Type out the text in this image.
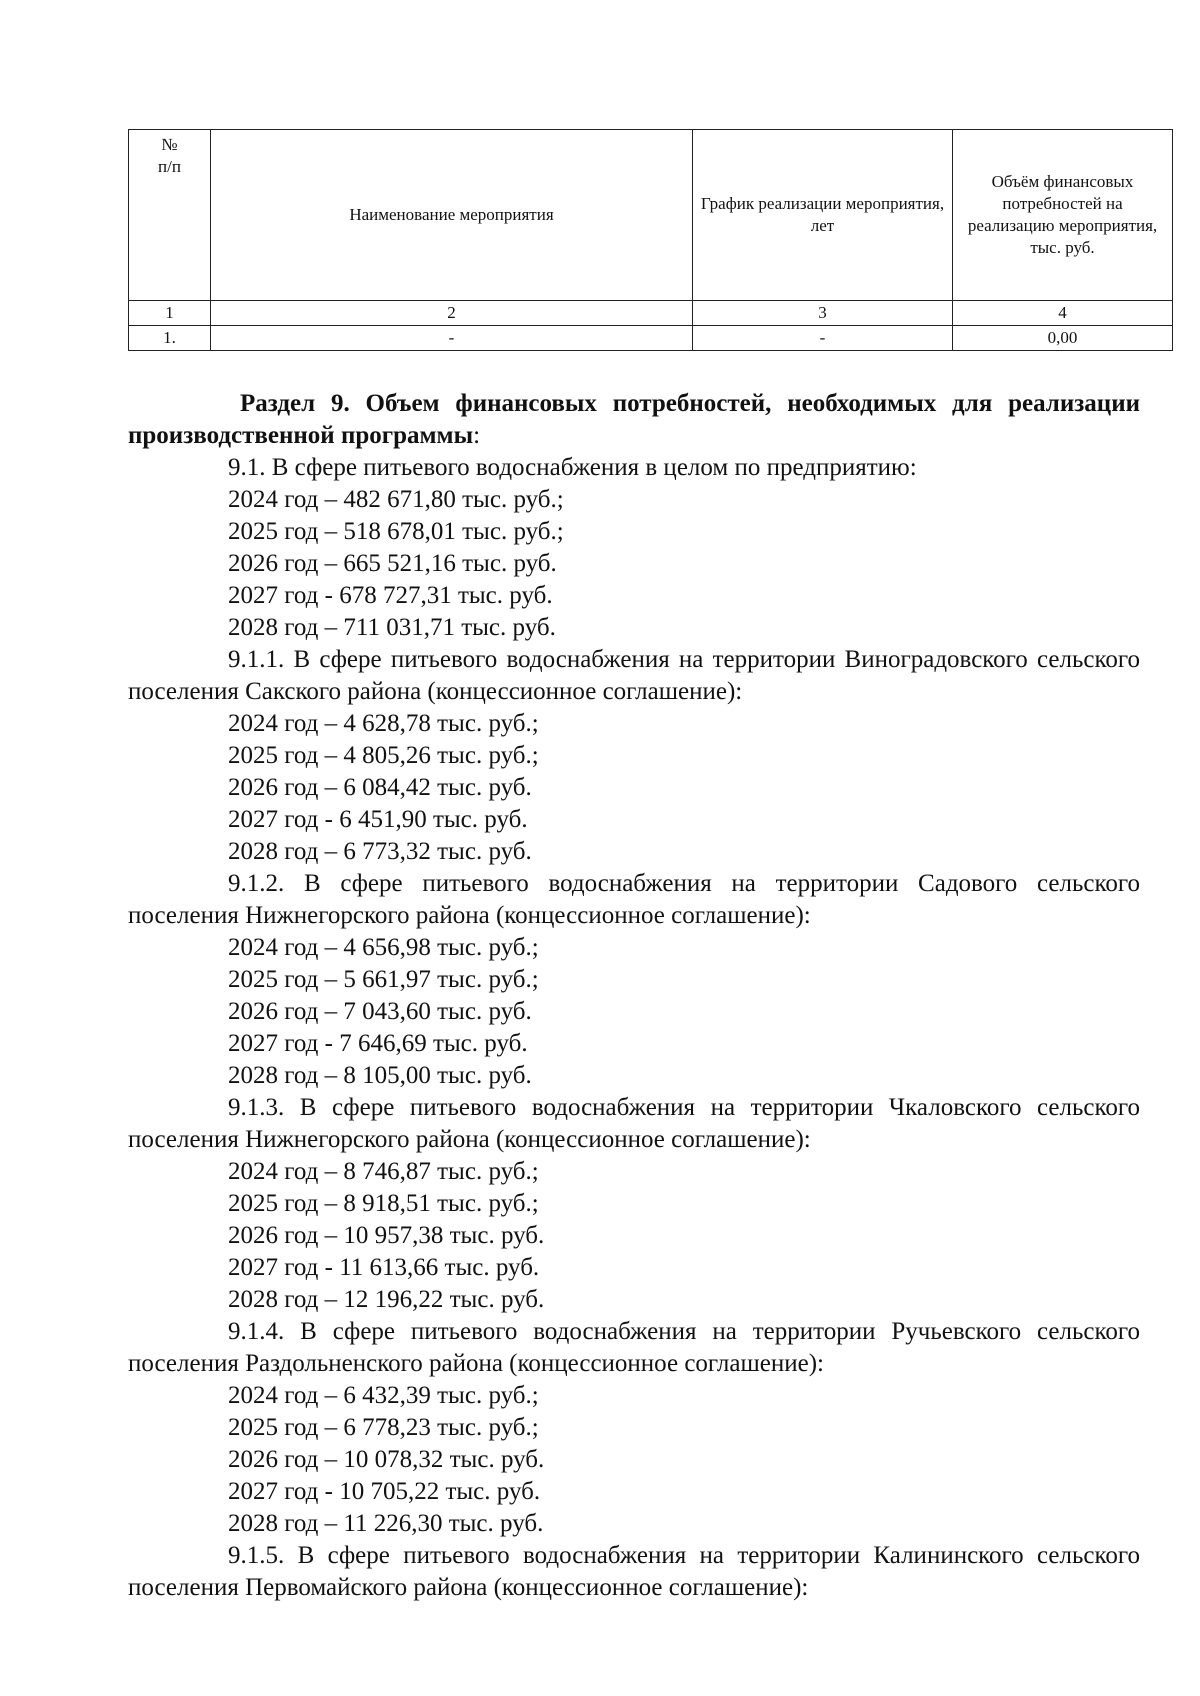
№
п/п	Наименование мероприятия	График реализации мероприятия, лет	Объём финансовых потребностей на реализацию мероприятия, тыс. руб.
1	2	3	4
1.	-	-	0,00

Раздел 9. Объем финансовых потребностей, необходимых для реализации производственной программы:

9.1. В сфере питьевого водоснабжения в целом по предприятию:

2024 год – 482 671,80 тыс. руб.;

2025 год – 518 678,01 тыс. руб.;

2026 год – 665 521,16 тыс. руб.

2027 год - 678 727,31 тыс. руб.

2028 год – 711 031,71 тыс. руб.

9.1.1. В сфере питьевого водоснабжения на территории Виноградовского сельского поселения Сакского района (концессионное соглашение):

2024 год – 4 628,78 тыс. руб.;

2025 год – 4 805,26 тыс. руб.;

2026 год – 6 084,42 тыс. руб.

2027 год - 6 451,90 тыс. руб.

2028 год – 6 773,32 тыс. руб.

9.1.2. В сфере питьевого водоснабжения на территории Садового сельского поселения Нижнегорского района (концессионное соглашение):

2024 год – 4 656,98 тыс. руб.;

2025 год – 5 661,97 тыс. руб.;

2026 год – 7 043,60 тыс. руб.

2027 год - 7 646,69 тыс. руб.

2028 год – 8 105,00 тыс. руб.

9.1.3. В сфере питьевого водоснабжения на территории Чкаловского сельского поселения Нижнегорского района (концессионное соглашение):

2024 год – 8 746,87 тыс. руб.;

2025 год – 8 918,51 тыс. руб.;

2026 год – 10 957,38 тыс. руб.

2027 год - 11 613,66 тыс. руб.

2028 год – 12 196,22 тыс. руб.

9.1.4. В сфере питьевого водоснабжения на территории Ручьевского сельского поселения Раздольненского района (концессионное соглашение):

2024 год – 6 432,39 тыс. руб.;

2025 год – 6 778,23 тыс. руб.;

2026 год – 10 078,32 тыс. руб.

2027 год - 10 705,22 тыс. руб.

2028 год – 11 226,30 тыс. руб.

9.1.5. В сфере питьевого водоснабжения на территории Калининского сельского поселения Первомайского района (концессионное соглашение):
